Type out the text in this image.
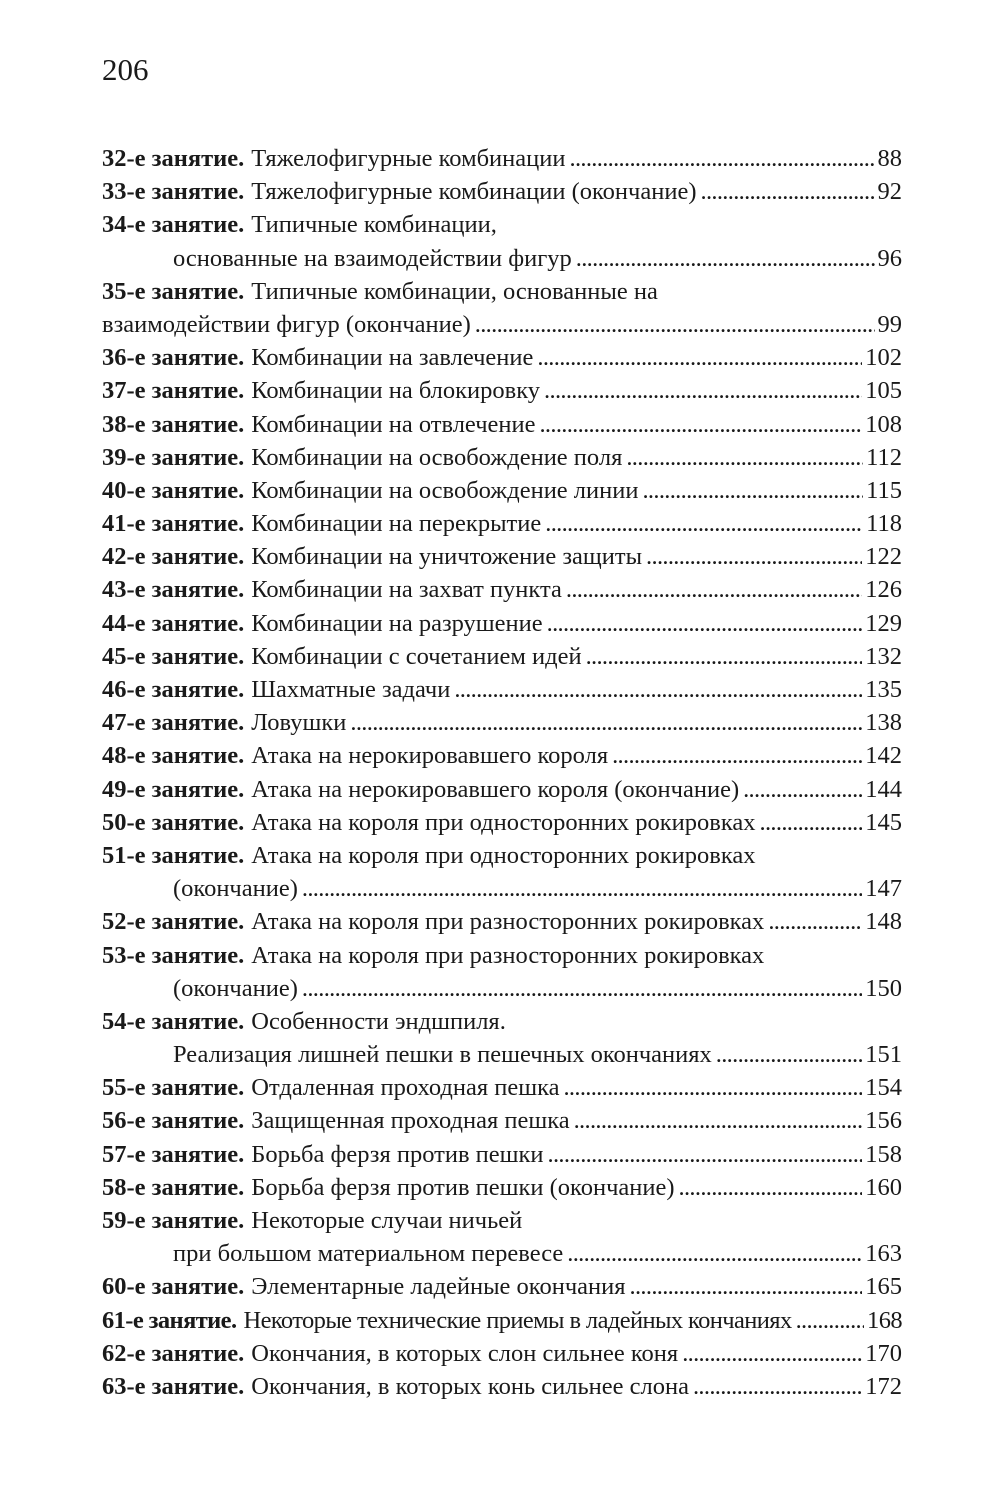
206
32-е занятие. Тяжелофигурные комбинации . . .	88
33-е занятие. Тяжелофигурные комбинации (окончание) . . .	92
34-е занятие. Типичные комбинации,
основанные на взаимодействии фигур . . .	96
35-е занятие. Типичные комбинации, основанные на
взаимодействии фигур (окончание) . . .	99
36-е занятие. Комбинации на завлечение . . .	102
37-е занятие. Комбинации на блокировку . . .	105
38-е занятие. Комбинации на отвлечение . . .	108
39-е занятие. Комбинации на освобождение поля . . .	112
40-е занятие. Комбинации на освобождение линии . . .	115
41-е занятие. Комбинации на перекрытие . . .	118
42-е занятие. Комбинации на уничтожение защиты . . .	122
43-е занятие. Комбинации на захват пункта . . .	126
44-е занятие. Комбинации на разрушение . . .	129
45-е занятие. Комбинации с сочетанием идей . . .	132
46-е занятие. Шахматные задачи . . .	135
47-е занятие. Ловушки . . .	138
48-е занятие. Атака на нерокировавшего короля . . .	142
49-е занятие. Атака на нерокировавшего короля (окончание) . . .	144
50-е занятие. Атака на короля при односторонних рокировках . . .	145
51-е занятие. Атака на короля при односторонних рокировках
(окончание) . . .	147
52-е занятие. Атака на короля при разносторонних рокировках . . .	148
53-е занятие. Атака на короля при разносторонних рокировках
(окончание) . . .	150
54-е занятие. Особенности эндшпиля.
Реализация лишней пешки в пешечных окончаниях . . .	151
55-е занятие. Отдаленная проходная пешка . . .	154
56-е занятие. Защищенная проходная пешка . . .	156
57-е занятие. Борьба ферзя против пешки . . .	158
58-е занятие. Борьба ферзя против пешки (окончание) . . .	160
59-е занятие. Некоторые случаи ничьей
при большом материальном перевесе . . .	163
60-е занятие. Элементарные ладейные окончания . . .	165
61-е занятие. Некоторые технические приемы в ладейных кончаниях . . .	168
62-е занятие. Окончания, в которых слон сильнее коня . . .	170
63-е занятие. Окончания, в которых конь сильнее слона . . .	172
